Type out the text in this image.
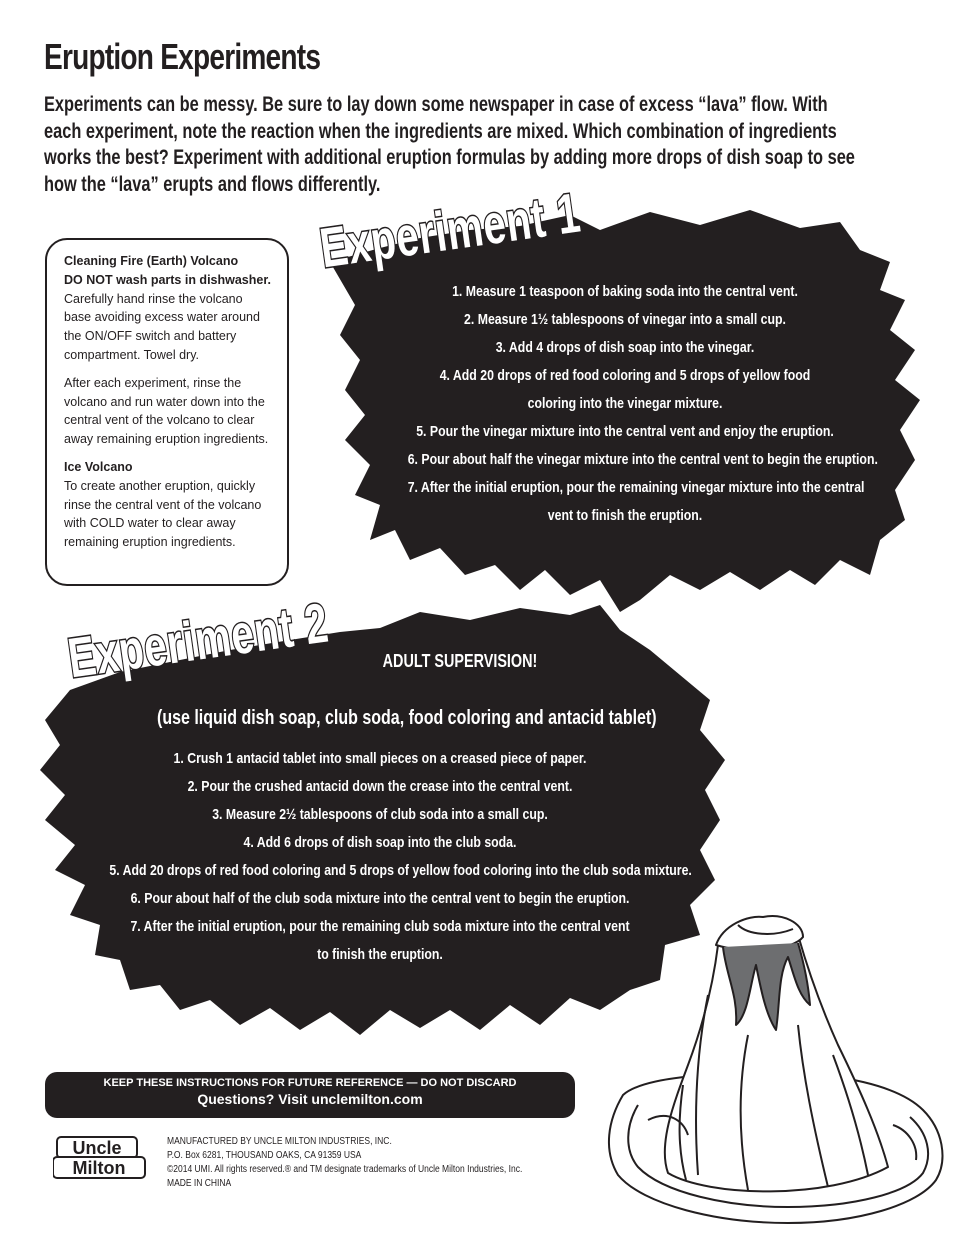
Eruption Experiments
Experiments can be messy. Be sure to lay down some newspaper in case of excess “lava” flow. With each experiment, note the reaction when the ingredients are mixed. Which combination of ingredients works the best? Experiment with additional eruption formulas by adding more drops of dish soap to see how the “lava” erupts and flows differently.

Cleaning Fire (Earth) Volcano
DO NOT wash parts in dishwasher.
Carefully hand rinse the volcano base avoiding excess water around the ON/OFF switch and battery compartment. Towel dry.

After each experiment, rinse the volcano and run water down into the central vent of the volcano to clear away remaining eruption ingredients.

Ice Volcano
To create another eruption, quickly rinse the central vent of the volcano with COLD water to clear away remaining eruption ingredients.

Experiment 1
1. Measure 1 teaspoon of baking soda into the central vent.
2. Measure 1½ tablespoons of vinegar into a small cup.
3. Add 4 drops of dish soap into the vinegar.
4. Add 20 drops of red food coloring and 5 drops of yellow food
coloring into the vinegar mixture.
5. Pour the vinegar mixture into the central vent and enjoy the eruption.
6. Pour about half the vinegar mixture into the central vent to begin the eruption.
7. After the initial eruption, pour the remaining vinegar mixture into the central
vent to finish the eruption.
Experiment 2	ADULT SUPERVISION!
(use liquid dish soap, club soda, food coloring and antacid tablet)
1. Crush 1 antacid tablet into small pieces on a creased piece of paper.
2. Pour the crushed antacid down the crease into the central vent.
3. Measure 2½ tablespoons of club soda into a small cup.
4. Add 6 drops of dish soap into the club soda.
5. Add 20 drops of red food coloring and 5 drops of yellow food coloring into the club soda mixture.
6. Pour about half of the club soda mixture into the central vent to begin the eruption.
7. After the initial eruption, pour the remaining club soda mixture into the central vent
to finish the eruption.
KEEP THESE INSTRUCTIONS FOR FUTURE REFERENCE — DO NOT DISCARD
Questions? Visit unclemilton.com
Uncle
Milton
MANUFACTURED BY UNCLE MILTON INDUSTRIES, INC.
P.O. Box 6281, THOUSAND OAKS, CA 91359 USA
©2014 UMI. All rights reserved.® and TM designate trademarks of Uncle Milton Industries, Inc.
MADE IN CHINA
